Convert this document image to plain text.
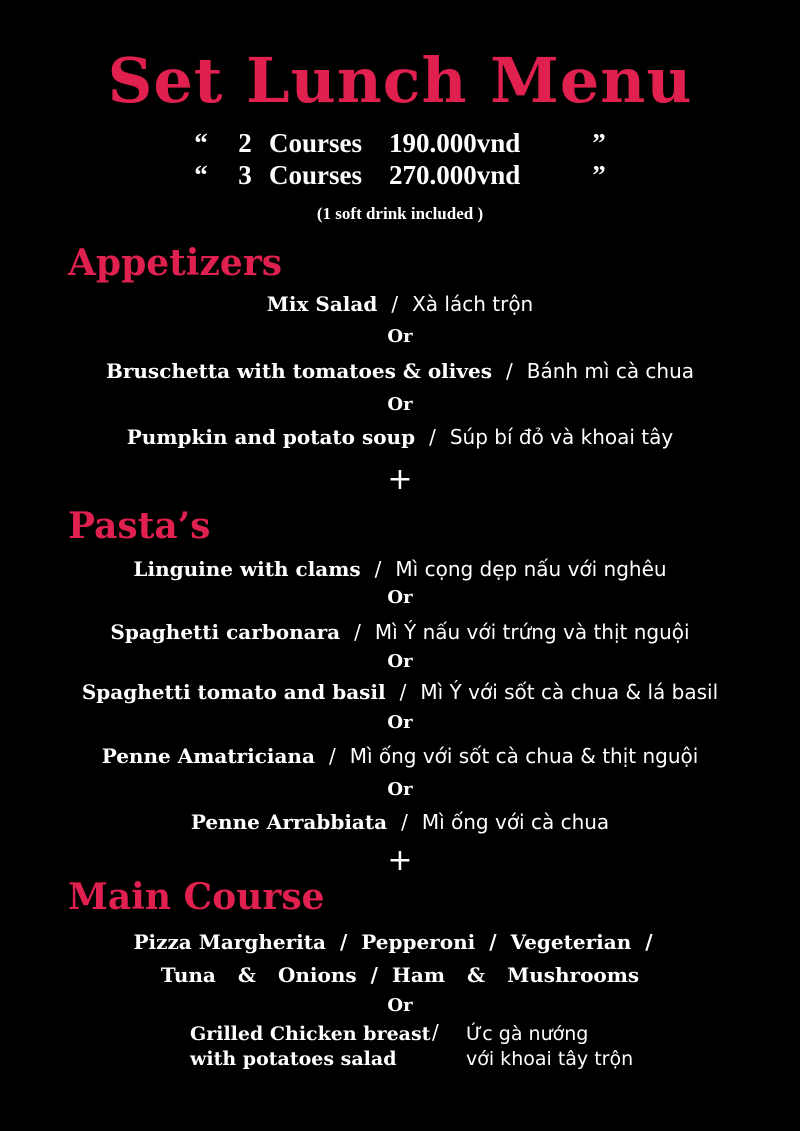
Set Lunch Menu
“ 2 Courses 190.000vnd	”
“ 3 Courses 270.000vnd	”
(1 soft drink included )
Appetizers
Mix Salad / Xà lách trộn
Or
Bruschetta with tomatoes & olives / Bánh mì cà chua
Or
Pumpkin and potato soup / Súp bí đỏ và khoai tây
+
Pasta’s
Linguine with clams / Mì cọng dẹp nấu với nghêu
Or
Spaghetti carbonara / Mì Ý nấu với trứng và thịt nguội
Or
Spaghetti tomato and basil / Mì Ý với sốt cà chua & lá basil
Or
Penne Amatriciana / Mì ống với sốt cà chua & thịt nguội
Or
Penne Arrabbiata / Mì ống với cà chua
+
Main Course
Pizza Margherita / Pepperoni / Vegeterian /
Tuna & Onions / Ham & Mushrooms
Or
Grilled Chicken breast
with potatoes salad
/ Ức gà nướng
với khoai tây trộn
